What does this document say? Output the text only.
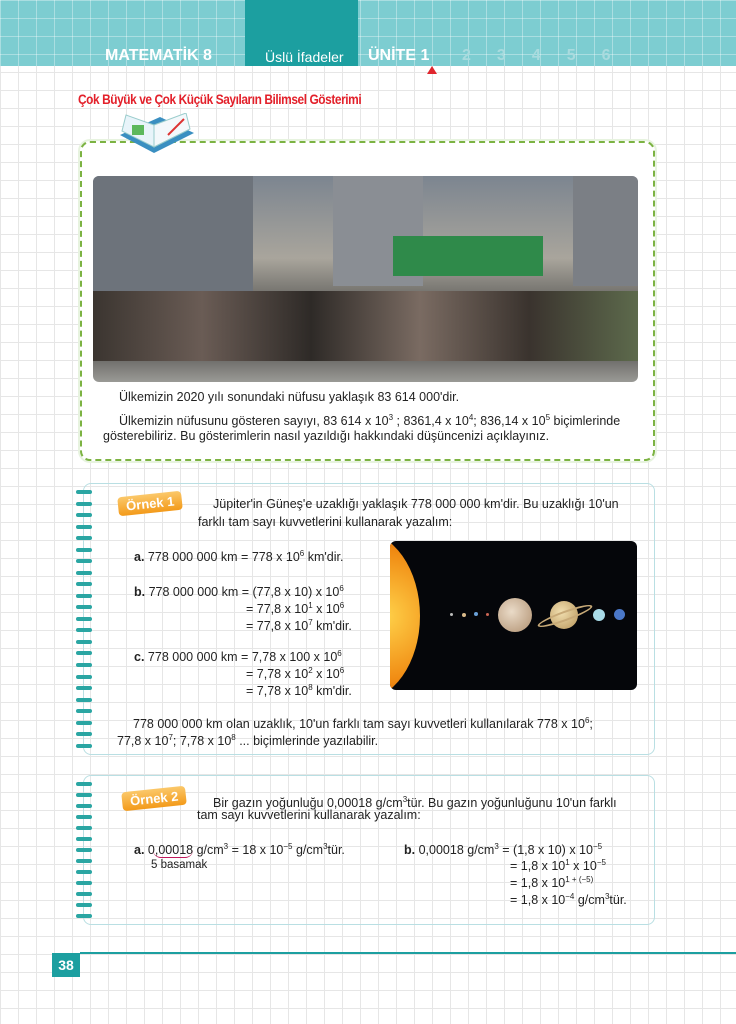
MATEMATİK 8	Üslü İfadeler ÜNİTE 1 2 3 4 5 6
Çok Büyük ve Çok Küçük Sayıların Bilimsel Gösterimi
Ülkemizin 2020 yılı sonundaki nüfusu yaklaşık 83 614 000'dir.
Ülkemizin nüfusunu gösteren sayıyı, 83 614 x $10^3$ ; 8361,4 x $10^4$; 836,14 x $10^5$ biçimlerinde
gösterebiliriz. Bu gösterimlerin nasıl yazıldığı hakkındaki düşüncenizi açıklayınız.
Örnek 1	Jüpiter'in Güneş'e uzaklığı yaklaşık 778 000 000 km'dir. Bu uzaklığı 10'un
farklı tam sayı kuvvetlerini kullanarak yazalım:
a. 778 000 000 km = 778 x $10^6$ km'dir.
b. 778 000 000 km = (77,8 x 10) x $10^6$
= 77,8 x $10^1$ x $10^6$
= 77,8 x $10^7$ km'dir.
c. 778 000 000 km = 7,78 x 100 x $10^6$
= 7,78 x $10^2$ x $10^6$
= 7,78 x $10^8$ km'dir.
778 000 000 km olan uzaklık, 10'un farklı tam sayı kuvvetleri kullanılarak 778 x $10^6$;
77,8 x $10^7$; 7,78 x $10^8$ ... biçimlerinde yazılabilir.
Örnek 2	Bir gazın yoğunluğu 0,00018 $g/cm^3tür$. Bu gazın yoğunluğunu 10'un farklı
tam sayı kuvvetlerini kullanarak yazalım:
a. 0,00018 $g/cm^3 = 18$ x $10^{-5}$ $g/cm^3tür$.
5 basamak
b. 0,00018 $g/cm^3 = (1,8$ x 10) x $10^{-5}$
= 1,8 x $10^1$ x $10^{-5}$
= 1,8 x $10^{1 + (-5)}$
= 1,8 x $10^{-4}$ $g/cm^3tür$.
38
